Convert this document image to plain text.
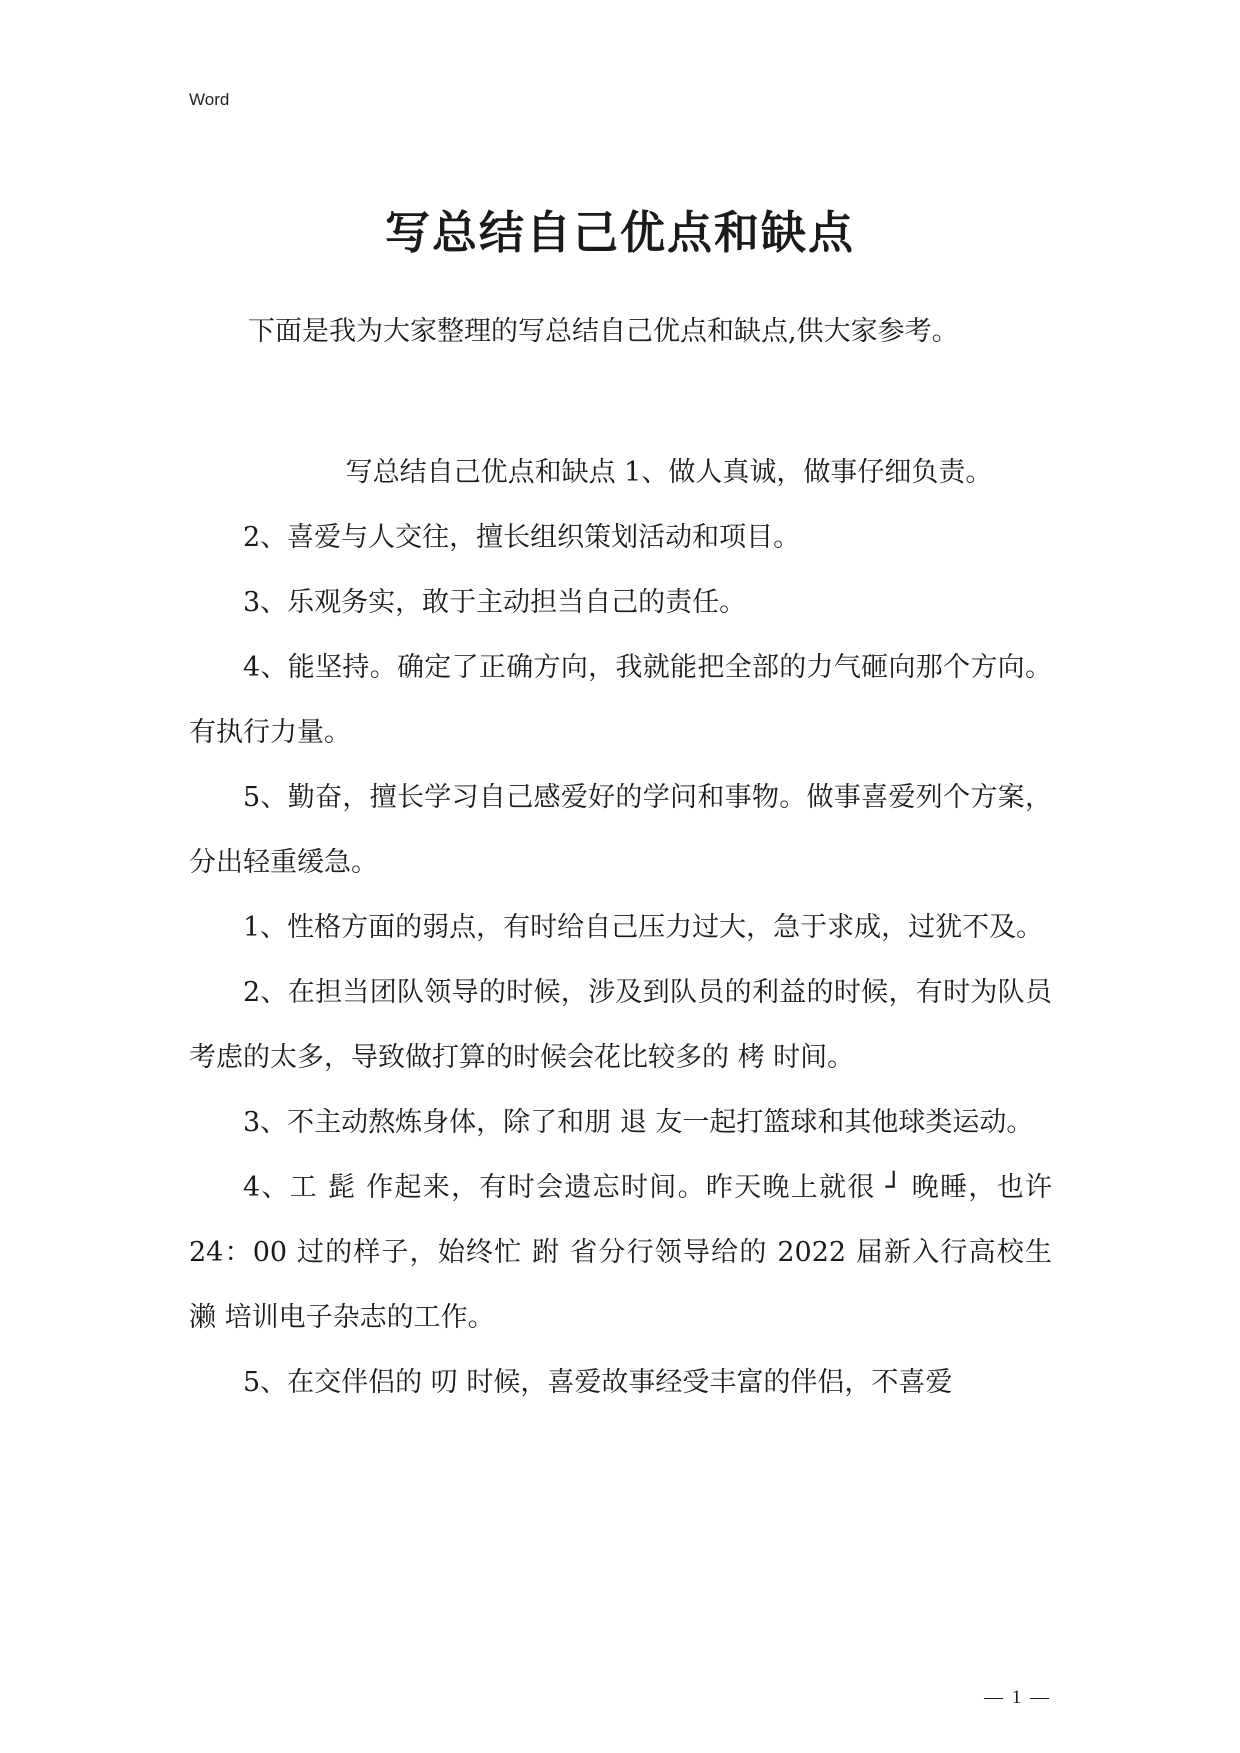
Word
写总结自己优点和缺点
下面是我为大家整理的写总结自己优点和缺点,供大家参考。

写总结自己优点和缺点 1、做人真诚，做事仔细负责。

2、喜爱与人交往，擅长组织策划活动和项目。

3、乐观务实，敢于主动担当自己的责任。

4、能坚持。确定了正确方向，我就能把全部的力气砸向那个方向。有执行力量。

5、勤奋，擅长学习自己感爱好的学问和事物。做事喜爱列个方案，分出轻重缓急。

1、性格方面的弱点，有时给自己压力过大，急于求成，过犹不及。

2、在担当团队领导的时候，涉及到队员的利益的时候，有时为队员考虑的太多，导致做打算的时候会花比较多的 栲 时间。

3、不主动熬炼身体，除了和朋 退 友一起打篮球和其他球类运动。

4、工 髭 作起来，有时会遗忘时间。昨天晚上就很 ┘ 晚睡，也许 24：00 过的样子，始终忙 跗 省分行领导给的 2022 届新入行高校生 濑 培训电子杂志的工作。

5、在交伴侣的 叨 时候，喜爱故事经受丰富的伴侣，不喜爱

— 1 —
